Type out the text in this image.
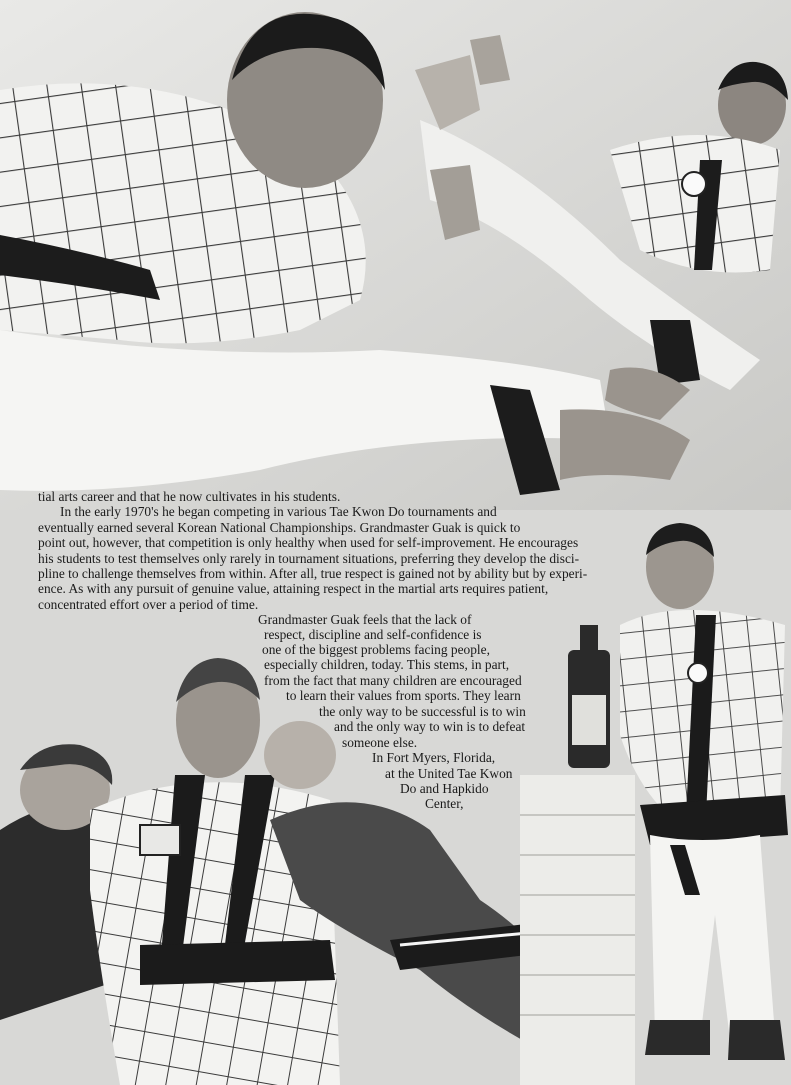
tial arts career and that he now cultivates in his students.

In the early 1970's he began competing in various Tae Kwon Do tournaments and

eventually earned several Korean National Championships. Grandmaster Guak is quick to

point out, however, that competition is only healthy when used for self-improvement. He encourages

his students to test themselves only rarely in tournament situations, preferring they develop the disci-

pline to challenge themselves from within. After all, true respect is gained not by ability but by experi-

ence. As with any pursuit of genuine value, attaining respect in the martial arts requires patient,

concentrated effort over a period of time.

Grandmaster Guak feels that the lack of
respect, discipline and self-confidence is
one of the biggest problems facing people,
especially children, today. This stems, in part,
from the fact that many children are encouraged
to learn their values from sports. They learn
the only way to be successful is to win
and the only way to win is to defeat
someone else.
In Fort Myers, Florida,
at the United Tae Kwon
Do and Hapkido
Center,
